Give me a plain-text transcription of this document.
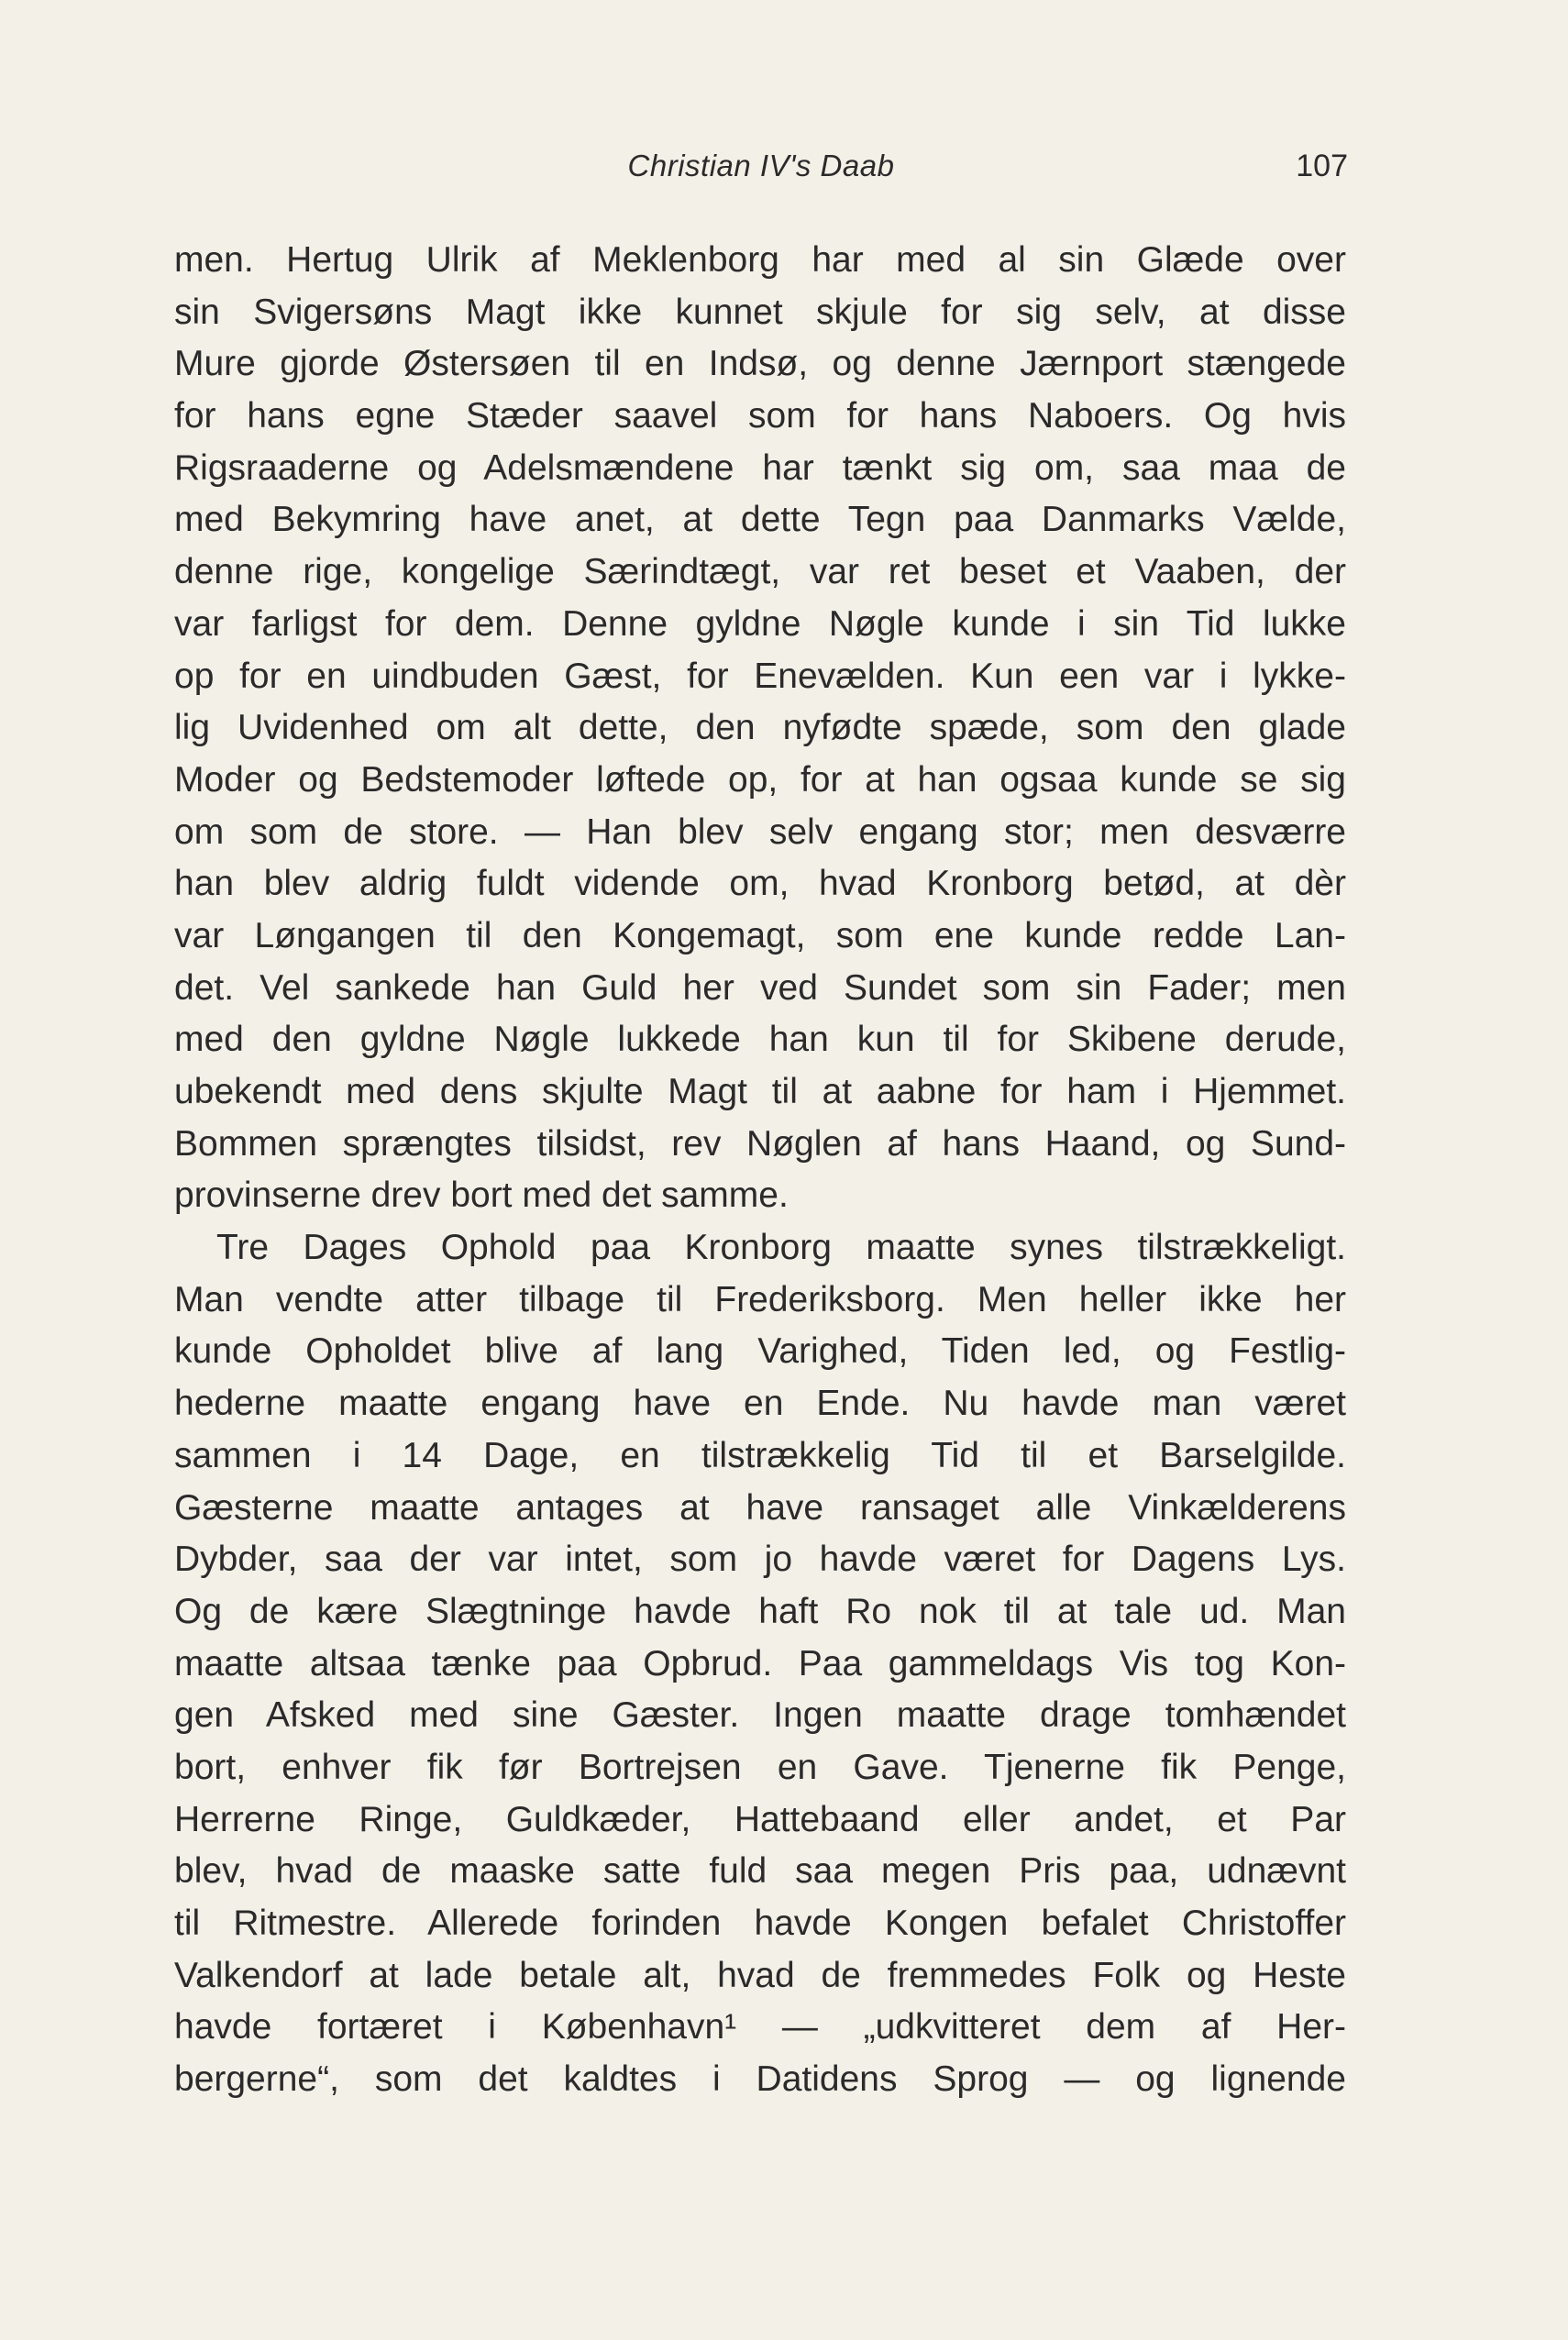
Christian IV's Daab	107
men. Hertug Ulrik af Meklenborg har med al sin Glæde over
sin Svigersøns Magt ikke kunnet skjule for sig selv, at disse
Mure gjorde Østersøen til en Indsø, og denne Jærnport stængede
for hans egne Stæder saavel som for hans Naboers. Og hvis
Rigsraaderne og Adelsmændene har tænkt sig om, saa maa de
med Bekymring have anet, at dette Tegn paa Danmarks Vælde,
denne rige, kongelige Særindtægt, var ret beset et Vaaben, der
var farligst for dem. Denne gyldne Nøgle kunde i sin Tid lukke
op for en uindbuden Gæst, for Enevælden. Kun een var i lykke-
lig Uvidenhed om alt dette, den nyfødte spæde, som den glade
Moder og Bedstemoder løftede op, for at han ogsaa kunde se sig
om som de store. — Han blev selv engang stor; men desværre
han blev aldrig fuldt vidende om, hvad Kronborg betød, at dèr
var Løngangen til den Kongemagt, som ene kunde redde Lan-
det. Vel sankede han Guld her ved Sundet som sin Fader; men
med den gyldne Nøgle lukkede han kun til for Skibene derude,
ubekendt med dens skjulte Magt til at aabne for ham i Hjemmet.
Bommen sprængtes tilsidst, rev Nøglen af hans Haand, og Sund-
provinserne drev bort med det samme.
Tre Dages Ophold paa Kronborg maatte synes tilstrækkeligt.
Man vendte atter tilbage til Frederiksborg. Men heller ikke her
kunde Opholdet blive af lang Varighed, Tiden led, og Festlig-
hederne maatte engang have en Ende. Nu havde man været
sammen i 14 Dage, en tilstrækkelig Tid til et Barselgilde.
Gæsterne maatte antages at have ransaget alle Vinkælderens
Dybder, saa der var intet, som jo havde været for Dagens Lys.
Og de kære Slægtninge havde haft Ro nok til at tale ud. Man
maatte altsaa tænke paa Opbrud. Paa gammeldags Vis tog Kon-
gen Afsked med sine Gæster. Ingen maatte drage tomhændet
bort, enhver fik før Bortrejsen en Gave. Tjenerne fik Penge,
Herrerne Ringe, Guldkæder, Hattebaand eller andet, et Par
blev, hvad de maaske satte fuld saa megen Pris paa, udnævnt
til Ritmestre. Allerede forinden havde Kongen befalet Christoffer
Valkendorf at lade betale alt, hvad de fremmedes Folk og Heste
havde fortæret i København¹ — „udkvitteret dem af Her-
bergerne“, som det kaldtes i Datidens Sprog — og lignende
